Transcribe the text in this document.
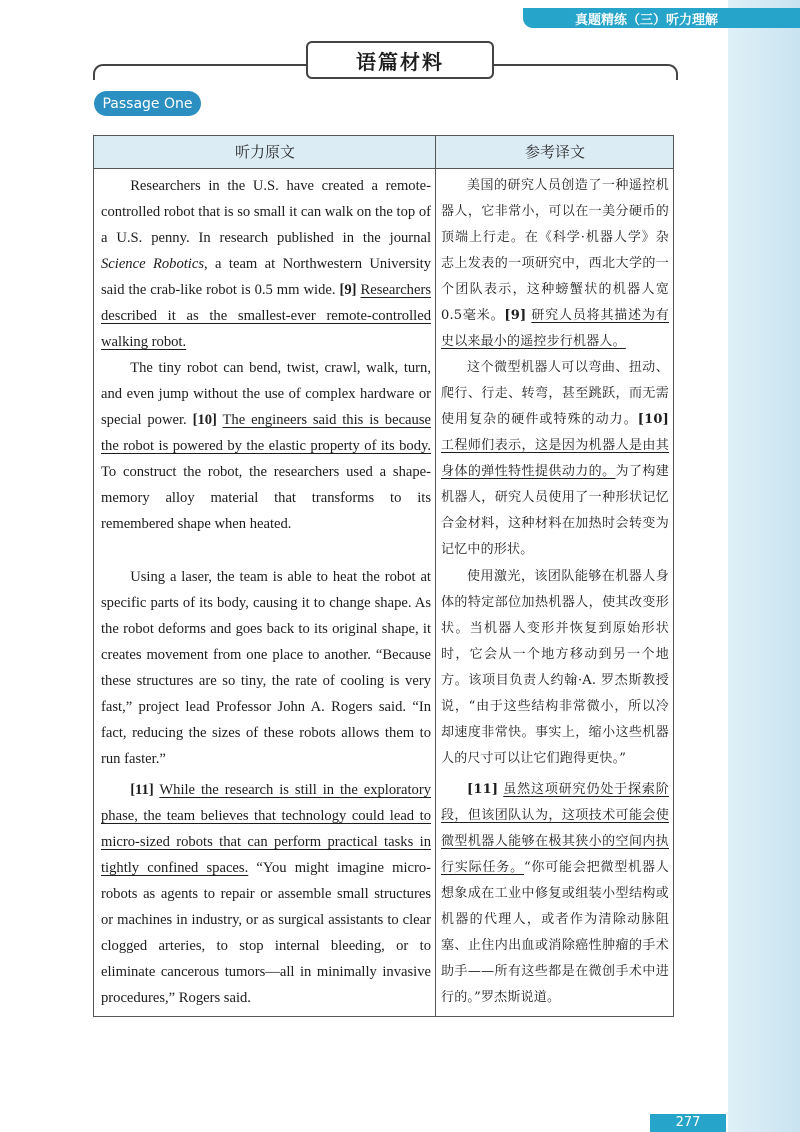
真题精练（三）听力理解
语篇材料
Passage One
听力原文	参考译文

Researchers in the U.S. have created a remote-controlled robot that is so small it can walk on the top of a U.S. penny. In research published in the journal Science Robotics, a team at Northwestern University said the crab-like robot is 0.5 mm wide. [9] Researchers described it as the smallest-ever remote-controlled walking robot.

The tiny robot can bend, twist, crawl, walk, turn, and even jump without the use of complex hardware or special power. [10] The engineers said this is because the robot is powered by the elastic property of its body. To construct the robot, the researchers used a shape-memory alloy material that transforms to its remembered shape when heated.

Using a laser, the team is able to heat the robot at specific parts of its body, causing it to change shape. As the robot deforms and goes back to its original shape, it creates movement from one place to another. “Because these structures are so tiny, the rate of cooling is very fast,” project lead Professor John A. Rogers said. “In fact, reducing the sizes of these robots allows them to run faster.”

[11] While the research is still in the exploratory phase, the team believes that technology could lead to micro-sized robots that can perform practical tasks in tightly confined spaces. “You might imagine micro-robots as agents to repair or assemble small structures or machines in industry, or as surgical assistants to clear clogged arteries, to stop internal bleeding, or to eliminate cancerous tumors—all in minimally invasive procedures,” Rogers said.

美国的研究人员创造了一种遥控机器人，它非常小，可以在一美分硬币的顶端上行走。在《科学·机器人学》杂志上发表的一项研究中，西北大学的一个团队表示，这种螃蟹状的机器人宽0.5毫米。[9] 研究人员将其描述为有史以来最小的遥控步行机器人。

这个微型机器人可以弯曲、扭动、爬行、行走、转弯，甚至跳跃，而无需使用复杂的硬件或特殊的动力。[10] 工程师们表示，这是因为机器人是由其身体的弹性特性提供动力的。为了构建机器人，研究人员使用了一种形状记忆合金材料，这种材料在加热时会转变为记忆中的形状。

使用激光，该团队能够在机器人身体的特定部位加热机器人，使其改变形状。当机器人变形并恢复到原始形状时，它会从一个地方移动到另一个地方。该项目负责人约翰·A. 罗杰斯教授说，“由于这些结构非常微小，所以冷却速度非常快。事实上，缩小这些机器人的尺寸可以让它们跑得更快。”

[11] 虽然这项研究仍处于探索阶段，但该团队认为，这项技术可能会使微型机器人能够在极其狭小的空间内执行实际任务。“你可能会把微型机器人想象成在工业中修复或组装小型结构或机器的代理人，或者作为清除动脉阻塞、止住内出血或消除癌性肿瘤的手术助手——所有这些都是在微创手术中进行的。”罗杰斯说道。

277
